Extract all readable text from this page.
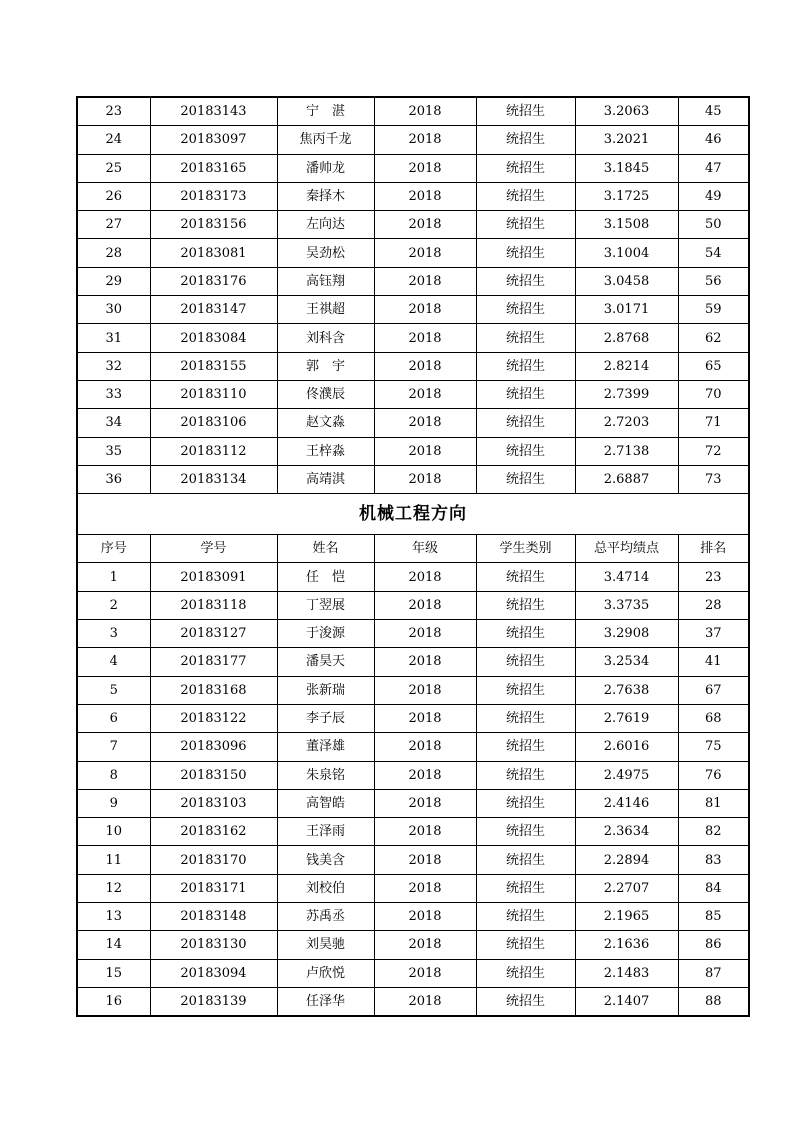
23	20183143	宁　湛	2018	统招生	3.2063	45
24	20183097	焦丙千龙	2018	统招生	3.2021	46
25	20183165	潘帅龙	2018	统招生	3.1845	47
26	20183173	秦择木	2018	统招生	3.1725	49
27	20183156	左向达	2018	统招生	3.1508	50
28	20183081	吴劲松	2018	统招生	3.1004	54
29	20183176	高钰翔	2018	统招生	3.0458	56
30	20183147	王祺超	2018	统招生	3.0171	59
31	20183084	刘科含	2018	统招生	2.8768	62
32	20183155	郭　宇	2018	统招生	2.8214	65
33	20183110	佟濮辰	2018	统招生	2.7399	70
34	20183106	赵文淼	2018	统招生	2.7203	71
35	20183112	王梓淼	2018	统招生	2.7138	72
36	20183134	高靖淇	2018	统招生	2.6887	73
机械工程方向						
序号	学号	姓名	年级	学生类别	总平均绩点	排名
1	20183091	任　恺	2018	统招生	3.4714	23
2	20183118	丁翌展	2018	统招生	3.3735	28
3	20183127	于浚源	2018	统招生	3.2908	37
4	20183177	潘昊天	2018	统招生	3.2534	41
5	20183168	张新瑞	2018	统招生	2.7638	67
6	20183122	李子辰	2018	统招生	2.7619	68
7	20183096	董泽雄	2018	统招生	2.6016	75
8	20183150	朱泉铭	2018	统招生	2.4975	76
9	20183103	高智皓	2018	统招生	2.4146	81
10	20183162	王泽雨	2018	统招生	2.3634	82
11	20183170	钱美含	2018	统招生	2.2894	83
12	20183171	刘校伯	2018	统招生	2.2707	84
13	20183148	苏禹丞	2018	统招生	2.1965	85
14	20183130	刘昊驰	2018	统招生	2.1636	86
15	20183094	卢欣悦	2018	统招生	2.1483	87
16	20183139	任泽华	2018	统招生	2.1407	88
